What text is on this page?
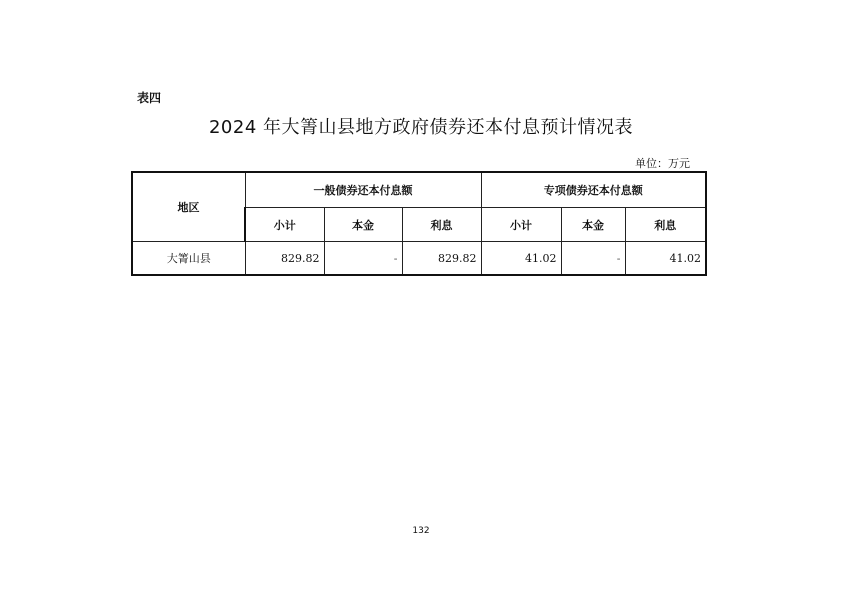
表四
2024 年大箐山县地方政府债券还本付息预计情况表
单位：万元
地区	一般债券还本付息额			专项债券还本付息额		
	小计	本金	利息	小计	本金	利息
大箐山县	829.82	-	829.82	41.02	-	41.02
132
